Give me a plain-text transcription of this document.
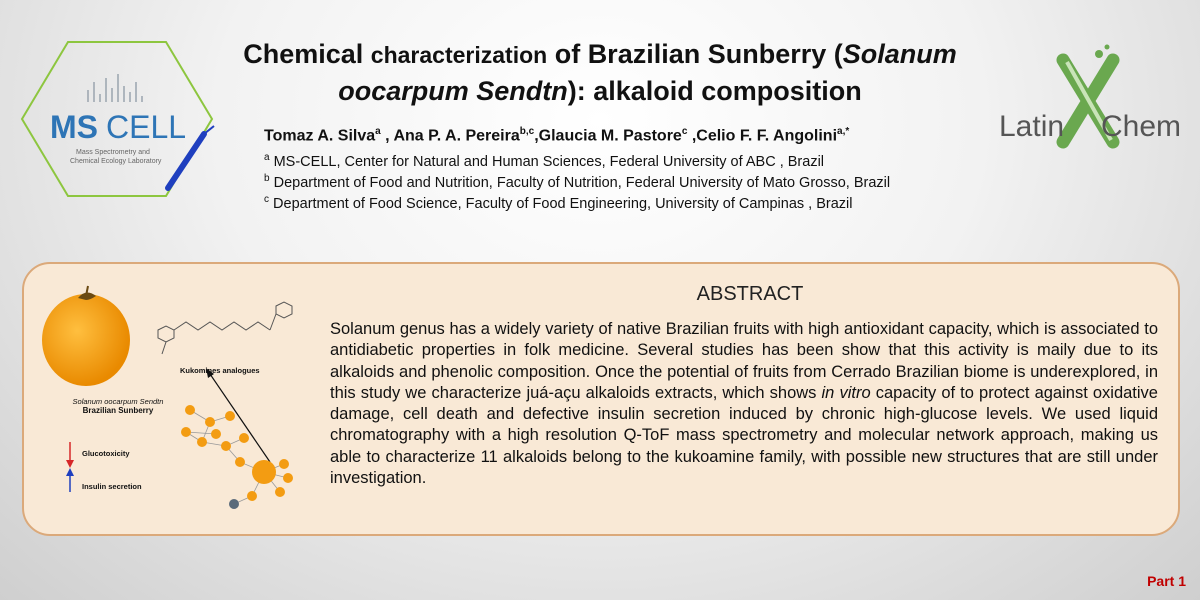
MS CELL
Mass Spectrometry and
Chemical Ecology Laboratory
Chemical characterization of Brazilian Sunberry (Solanum
oocarpum Sendtn): alkaloid composition
Tomaz A. Silva$^a$ , Ana P. A. Pereira$^{b,c}$,Glaucia M. Pastore$^c$ ,Celio F. F. Angolini$^{a,*}$
$^a$ MS-CELL, Center for Natural and Human Sciences, Federal University of ABC , Brazil
$^b$ Department of Food and Nutrition, Faculty of Nutrition, Federal University of Mato Grosso, Brazil
$^c$ Department of Food Science, Faculty of Food Engineering, University of Campinas , Brazil
Latin Chem
ABSTRACT
Solanum genus has a widely variety of native Brazilian fruits with high antioxidant capacity, which is associated to antidiabetic properties in folk medicine. Several studies has been show that this activity is maily due to its alkaloids and phenolic composition. Once the potential of fruits from Cerrado Brazilian biome is underexplored, in this study we characterize juá-açu alkaloids extracts, which shows in vitro capacity of to protect against oxidative damage, cell death and defective insulin secretion induced by chronic high-glucose levels. We used liquid chromatography with a high resolution Q-ToF mass spectrometry and molecular network approach, making us able to characterize 11 alkaloids belong to the kukoamine family, with possible new structures that are still under investigation.
Solanum oocarpum Sendtn
Brazilian Sunberry
Kukomines analogues
Glucotoxicity
Insulin secretion
Part 1
